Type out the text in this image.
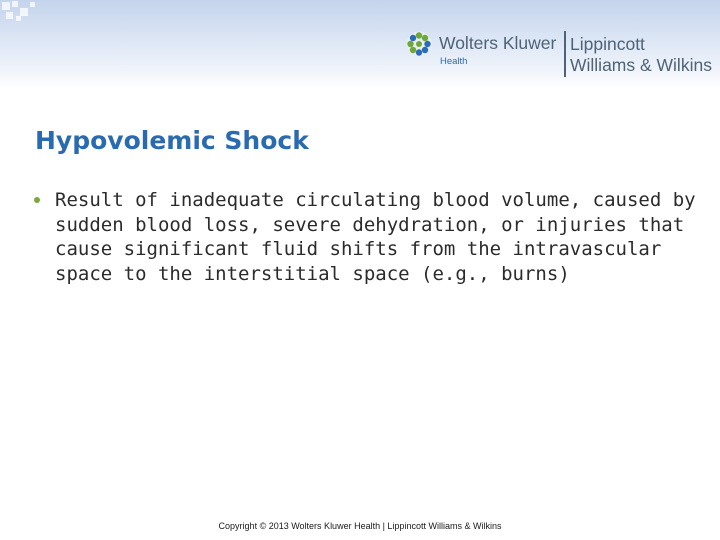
Wolters Kluwer
Health
Lippincott
Williams & Wilkins
Hypovolemic Shock
Result of inadequate circulating blood volume, caused by sudden blood loss, severe dehydration, or injuries that cause significant fluid shifts from the intravascular space to the interstitial space (e.g., burns)
Copyright © 2013 Wolters Kluwer Health | Lippincott Williams & Wilkins
